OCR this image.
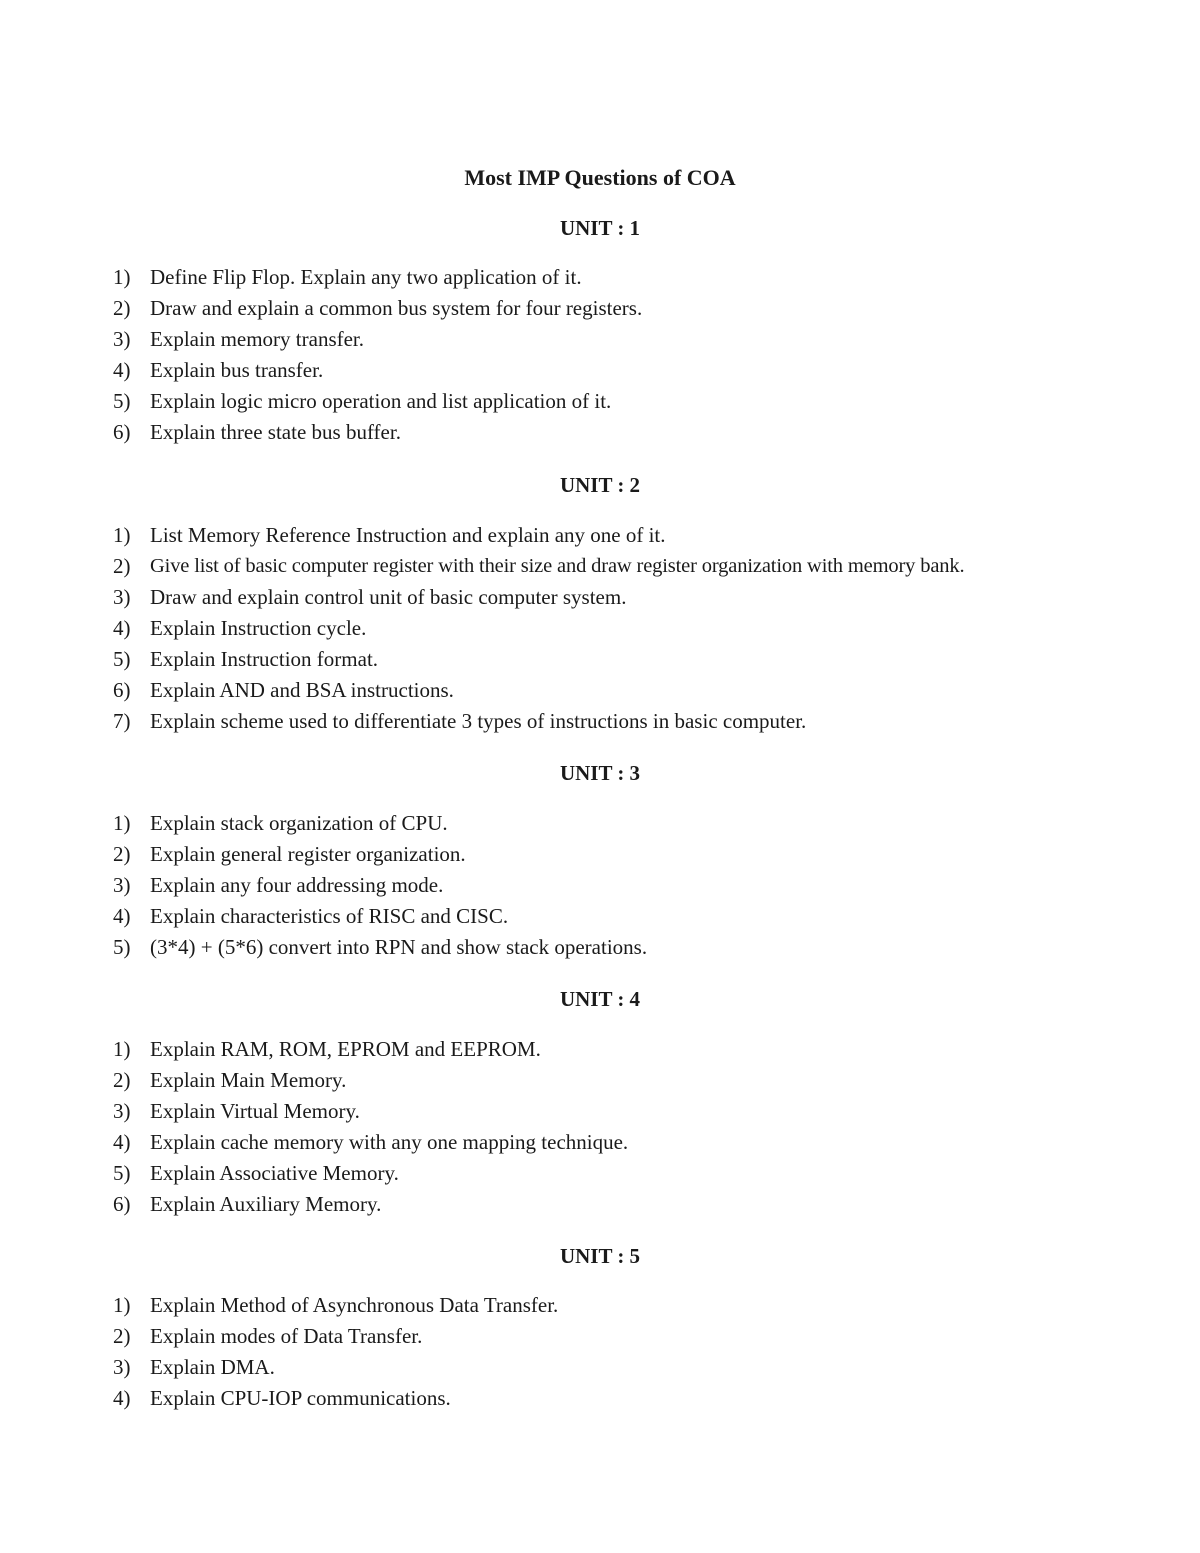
Most IMP Questions of COA
UNIT : 1
1) Define Flip Flop. Explain any two application of it.
2) Draw and explain a common bus system for four registers.
3) Explain memory transfer.
4) Explain bus transfer.
5) Explain logic micro operation and list application of it.
6) Explain three state bus buffer.
UNIT : 2
1) List Memory Reference Instruction and explain any one of it.
2) Give list of basic computer register with their size and draw register organization with memory bank.
3) Draw and explain control unit of basic computer system.
4) Explain Instruction cycle.
5) Explain Instruction format.
6) Explain AND and BSA instructions.
7) Explain scheme used to differentiate 3 types of instructions in basic computer.
UNIT : 3
1) Explain stack organization of CPU.
2) Explain general register organization.
3) Explain any four addressing mode.
4) Explain characteristics of RISC and CISC.
5) (3*4) + (5*6) convert into RPN and show stack operations.
UNIT : 4
1) Explain RAM, ROM, EPROM and EEPROM.
2) Explain Main Memory.
3) Explain Virtual Memory.
4) Explain cache memory with any one mapping technique.
5) Explain Associative Memory.
6) Explain Auxiliary Memory.
UNIT : 5
1) Explain Method of Asynchronous Data Transfer.
2) Explain modes of Data Transfer.
3) Explain DMA.
4) Explain CPU-IOP communications.
